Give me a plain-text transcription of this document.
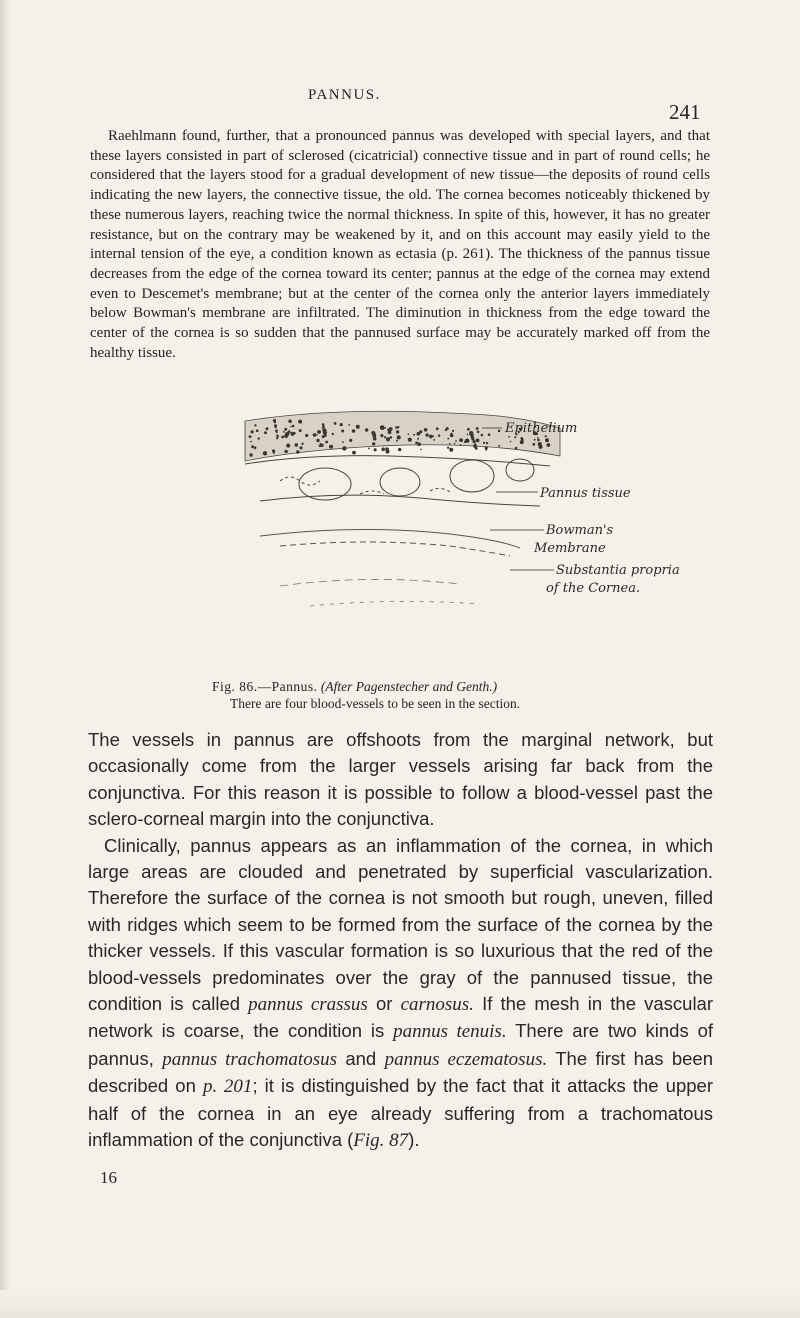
PANNUS.
241

Raehlmann found, further, that a pronounced pannus was developed with special layers, and that these layers consisted in part of sclerosed (cicatricial) connective tissue and in part of round cells; he considered that the layers stood for a gradual development of new tissue—the deposits of round cells indicating the new layers, the connective tissue, the old. The cornea becomes noticeably thickened by these numerous layers, reaching twice the normal thickness. In spite of this, however, it has no greater resistance, but on the contrary may be weakened by it, and on this account may easily yield to the internal tension of the eye, a condition known as ectasia (p. 261). The thickness of the pannus tissue decreases from the edge of the cornea toward its center; pannus at the edge of the cornea may extend even to Descemet's membrane; but at the center of the cornea only the anterior layers immediately below Bowman's membrane are infiltrated. The diminution in thickness from the edge toward the center of the cornea is so sudden that the pannused surface may be accurately marked off from the healthy tissue.

Epithelium
Pannus tissue
Bowman's
Membrane
Substantia propria
of the Cornea.

Fig. 86.—Pannus. (After Pagenstecher and Genth.)
There are four blood-vessels to be seen in the section.

The vessels in pannus are offshoots from the marginal network, but occasionally come from the larger vessels arising far back from the conjunctiva. For this reason it is possible to follow a blood-vessel past the sclero-corneal margin into the conjunctiva.
Clinically, pannus appears as an inflammation of the cornea, in which large areas are clouded and penetrated by superficial vascularization. Therefore the surface of the cornea is not smooth but rough, uneven, filled with ridges which seem to be formed from the surface of the cornea by the thicker vessels. If this vascular formation is so luxurious that the red of the blood-vessels predominates over the gray of the pannused tissue, the condition is called pannus crassus or carnosus. If the mesh in the vascular network is coarse, the condition is pannus tenuis. There are two kinds of pannus, pannus trachomatosus and pannus eczematosus. The first has been described on p. 201; it is distinguished by the fact that it attacks the upper half of the cornea in an eye already suffering from a trachomatous inflammation of the conjunctiva (Fig. 87).
16
